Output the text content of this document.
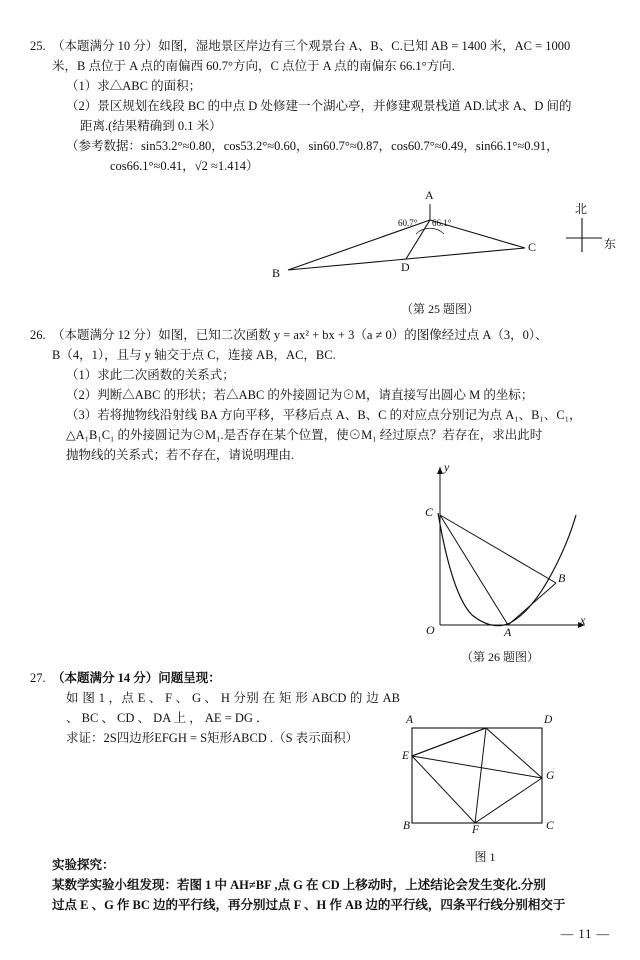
25. （本题满分 10 分）如图，湿地景区岸边有三个观景台 A、B、C.已知 AB = 1400 米，AC = 1000
米，B 点位于 A 点的南偏西 60.7°方向，C 点位于 A 点的南偏东 66.1°方向.
（1）求△ABC 的面积；
（2）景区规划在线段 BC 的中点 D 处修建一个湖心亭，并修建观景栈道 AD.试求 A、D 间的
距离.(结果精确到 0.1 米）
（参考数据：sin53.2°≈0.80，cos53.2°≈0.60，sin60.7°≈0.87，cos60.7°≈0.49，sin66.1°≈0.91，
cos66.1°≈0.41，√2 ≈1.414）
A
B
C
D
60.7° 66.1°
北
东
（第 25 题图）
26. （本题满分 12 分）如图，已知二次函数 y = ax² + bx + 3（a ≠ 0）的图像经过点 A（3，0）、
B（4，1），且与 y 轴交于点 C，连接 AB，AC，BC.
（1）求此二次函数的关系式；
（2）判断△ABC 的形状；若△ABC 的外接圆记为⊙M，请直接写出圆心 M 的坐标；
（3）若将抛物线沿射线 BA 方向平移，平移后点 A、B、C 的对应点分别记为点 A₁、B₁、C₁，
△A₁B₁C₁ 的外接圆记为⊙M₁.是否存在某个位置，使⊙M₁ 经过原点？若存在，求出此时
抛物线的关系式；若不存在，请说明理由.
y
x
O	A
B
C
（第 26 题图）
27. （本题满分 14 分）问题呈现：
如 图 1 ，点 E 、 F 、 G 、 H 分别 在 矩 形 ABCD 的 边 AB 、 BC 、 CD 、 DA 上 ， AE = DG ．
求证：2S四边形EFGH = S矩形ABCD .（S 表示面积）
A	D
E
G
B	C
F
图 1
实验探究：
某数学实验小组发现：若图 1 中 AH≠BF ,点 G 在 CD 上移动时，上述结论会发生变化.分别
过点 E 、G 作 BC 边的平行线，再分别过点 F 、H 作 AB 边的平行线，四条平行线分别相交于
— 11 —
